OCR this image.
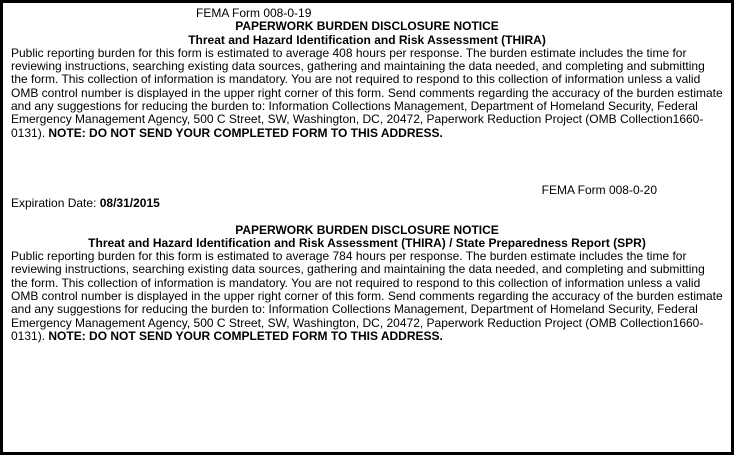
FEMA Form 008-0-19
PAPERWORK BURDEN DISCLOSURE NOTICE
Threat and Hazard Identification and Risk Assessment (THIRA)

Public reporting burden for this form is estimated to average 408 hours per response. The burden estimate includes the time for reviewing instructions, searching existing data sources, gathering and maintaining the data needed, and completing and submitting the form. This collection of information is mandatory. You are not required to respond to this collection of information unless a valid OMB control number is displayed in the upper right corner of this form. Send comments regarding the accuracy of the burden estimate and any suggestions for reducing the burden to: Information Collections Management, Department of Homeland Security, Federal Emergency Management Agency, 500 C Street, SW, Washington, DC, 20472, Paperwork Reduction Project (OMB Collection1660-0131). NOTE: DO NOT SEND YOUR COMPLETED FORM TO THIS ADDRESS.

FEMA Form 008-0-20
Expiration Date: 08/31/2015
PAPERWORK BURDEN DISCLOSURE NOTICE
Threat and Hazard Identification and Risk Assessment (THIRA) / State Preparedness Report (SPR)

Public reporting burden for this form is estimated to average 784 hours per response. The burden estimate includes the time for reviewing instructions, searching existing data sources, gathering and maintaining the data needed, and completing and submitting the form. This collection of information is mandatory. You are not required to respond to this collection of information unless a valid OMB control number is displayed in the upper right corner of this form. Send comments regarding the accuracy of the burden estimate and any suggestions for reducing the burden to: Information Collections Management, Department of Homeland Security, Federal Emergency Management Agency, 500 C Street, SW, Washington, DC, 20472, Paperwork Reduction Project (OMB Collection1660-0131). NOTE: DO NOT SEND YOUR COMPLETED FORM TO THIS ADDRESS.
